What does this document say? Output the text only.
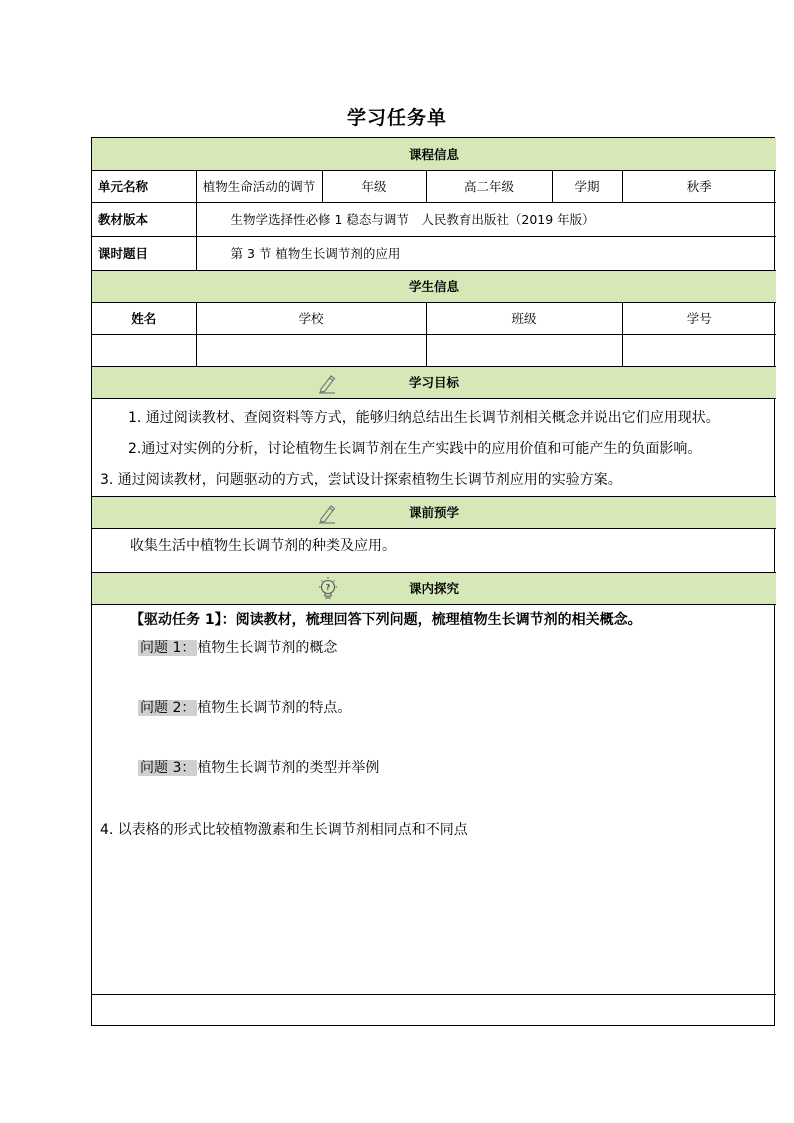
学习任务单
课程信息					
单元名称	植物生命活动的调节	年级	高二年级	学期	秋季
教材版本	生物学选择性必修 1 稳态与调节　人民教育出版社（2019 年版）				
课时题目	第 3 节 植物生长调节剂的应用				
学生信息					
姓名	学校		班级		学号

学习目标					

1. 通过阅读教材、查阅资料等方式，能够归纳总结出生长调节剂相关概念并说出它们应用现状。

2.通过对实例的分析，讨论植物生长调节剂在生产实践中的应用价值和可能产生的负面影响。

3. 通过阅读教材，问题驱动的方式，尝试设计探索植物生长调节剂应用的实验方案。					

课前预学					
收集生活中植物生长调节剂的种类及应用。					

? 课内探究					

【驱动任务 1】：阅读教材，梳理回答下列问题，梳理植物生长调节剂的相关概念。

问题 1： 植物生长调节剂的概念

问题 2： 植物生长调节剂的特点。

问题 3： 植物生长调节剂的类型并举例

4. 以表格的形式比较植物激素和生长调节剂相同点和不同点					
